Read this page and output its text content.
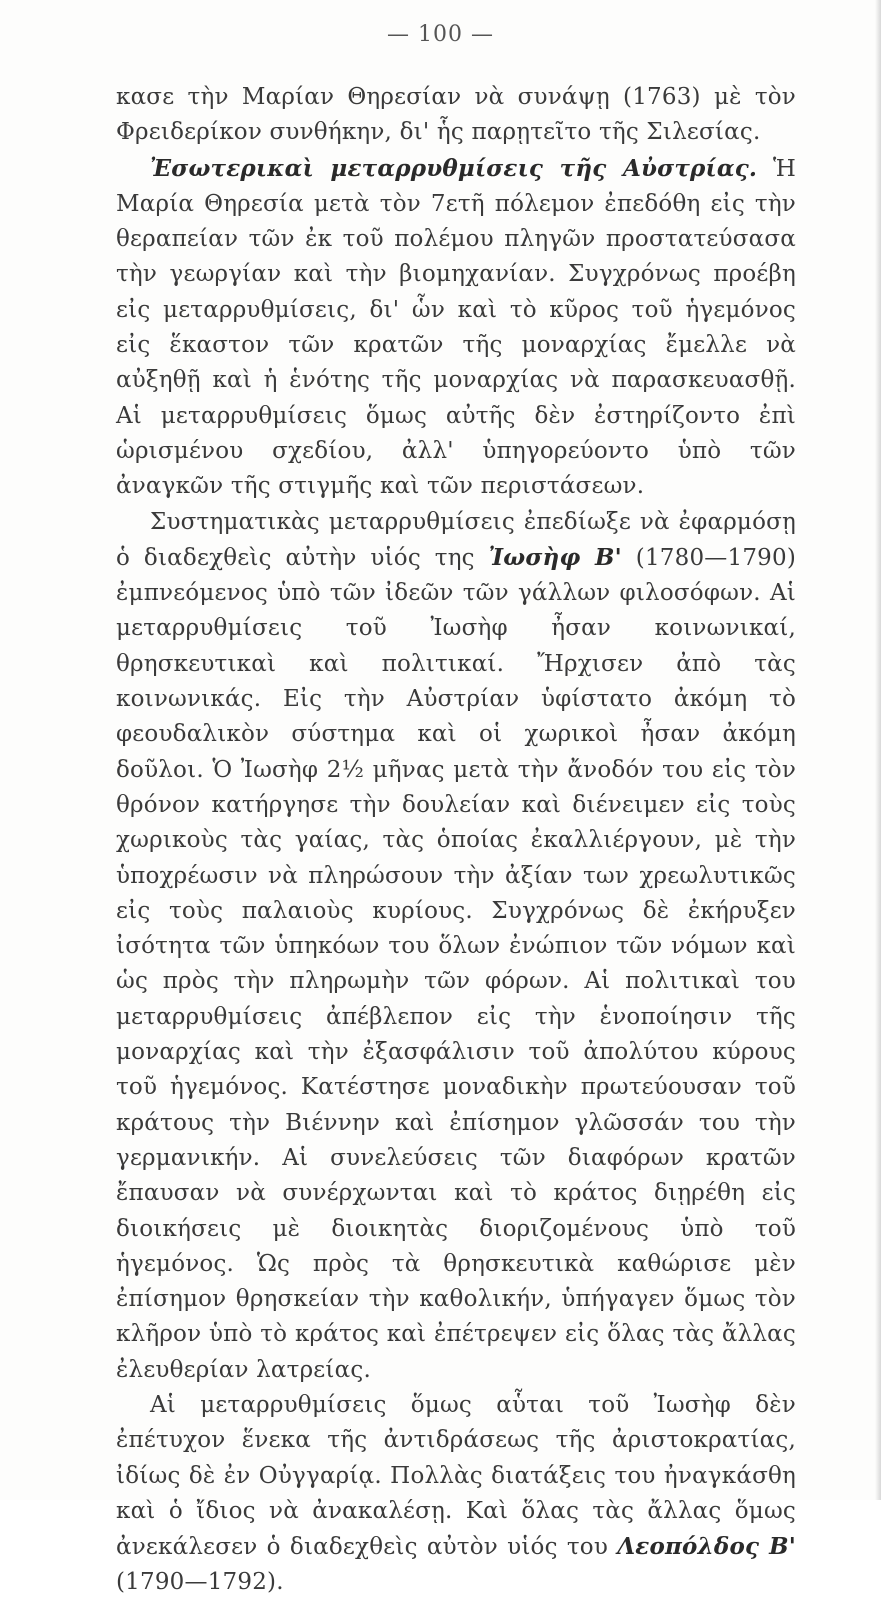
— 100 —

κασε τὴν Μαρίαν Θηρεσίαν νὰ συνάψῃ (1763) μὲ τὸν Φρειδερίκον συνθήκην, δι' ἧς παρῃτεῖτο τῆς Σιλεσίας.

Ἐσωτερικαὶ μεταρρυθμίσεις τῆς Αὐστρίας. Ἡ Μαρία Θηρεσία μετὰ τὸν 7ετῆ πόλεμον ἐπεδόθη εἰς τὴν θεραπείαν τῶν ἐκ τοῦ πολέμου πληγῶν προστατεύσασα τὴν γεωργίαν καὶ τὴν βιομηχανίαν. Συγχρόνως προέβη εἰς μεταρρυθμίσεις, δι' ὧν καὶ τὸ κῦρος τοῦ ἡγεμόνος εἰς ἕκαστον τῶν κρατῶν τῆς μοναρχίας ἔμελλε νὰ αὐξηθῇ καὶ ἡ ἑνότης τῆς μοναρχίας νὰ παρασκευασθῇ. Αἱ μεταρρυθμίσεις ὅμως αὐτῆς δὲν ἐστηρίζοντο ἐπὶ ὡρισμένου σχεδίου, ἀλλ' ὑπηγορεύοντο ὑπὸ τῶν ἀναγκῶν τῆς στιγμῆς καὶ τῶν περιστάσεων.

Συστηματικὰς μεταρρυθμίσεις ἐπεδίωξε νὰ ἐφαρμόσῃ ὁ διαδεχθεὶς αὐτὴν υἱός της Ἰωσὴφ Β' (1780—1790) ἐμπνεόμενος ὑπὸ τῶν ἰδεῶν τῶν γάλλων φιλοσόφων. Αἱ μεταρρυθμίσεις τοῦ Ἰωσὴφ ἦσαν κοινωνικαί, θρησκευτικαὶ καὶ πολιτικαί. Ἤρχισεν ἀπὸ τὰς κοινωνικάς. Εἰς τὴν Αὐστρίαν ὑφίστατο ἀκόμη τὸ φεουδαλικὸν σύστημα καὶ οἱ χωρικοὶ ἦσαν ἀκόμη δοῦλοι. Ὁ Ἰωσὴφ 2½ μῆνας μετὰ τὴν ἄνοδόν του εἰς τὸν θρόνον κατήργησε τὴν δουλείαν καὶ διένειμεν εἰς τοὺς χωρικοὺς τὰς γαίας, τὰς ὁποίας ἐκαλλιέργουν, μὲ τὴν ὑποχρέωσιν νὰ πληρώσουν τὴν ἀξίαν των χρεωλυτικῶς εἰς τοὺς παλαιοὺς κυρίους. Συγχρόνως δὲ ἐκήρυξεν ἰσότητα τῶν ὑπηκόων του ὅλων ἐνώπιον τῶν νόμων καὶ ὡς πρὸς τὴν πληρωμὴν τῶν φόρων. Αἱ πολιτικαὶ του μεταρρυθμίσεις ἀπέβλεπον εἰς τὴν ἑνοποίησιν τῆς μοναρχίας καὶ τὴν ἐξασφάλισιν τοῦ ἀπολύτου κύρους τοῦ ἡγεμόνος. Κατέστησε μοναδικὴν πρωτεύουσαν τοῦ κράτους τὴν Βιέννην καὶ ἐπίσημον γλῶσσάν του τὴν γερμανικήν. Αἱ συνελεύσεις τῶν διαφόρων κρατῶν ἔπαυσαν νὰ συνέρχωνται καὶ τὸ κράτος διῃρέθη εἰς διοικήσεις μὲ διοικητὰς διοριζομένους ὑπὸ τοῦ ἡγεμόνος. Ὡς πρὸς τὰ θρησκευτικὰ καθώρισε μὲν ἐπίσημον θρησκείαν τὴν καθολικήν, ὑπήγαγεν ὅμως τὸν κλῆρον ὑπὸ τὸ κράτος καὶ ἐπέτρεψεν εἰς ὅλας τὰς ἄλλας ἐλευθερίαν λατρείας.

Αἱ μεταρρυθμίσεις ὅμως αὗται τοῦ Ἰωσὴφ δὲν ἐπέτυχον ἕνεκα τῆς ἀντιδράσεως τῆς ἀριστοκρατίας, ἰδίως δὲ ἐν Οὐγγαρίᾳ. Πολλὰς διατάξεις του ἠναγκάσθη καὶ ὁ ἴδιος νὰ ἀνακαλέσῃ. Καὶ ὅλας τὰς ἄλλας ὅμως ἀνεκάλεσεν ὁ διαδεχθεὶς αὐτὸν υἱός του Λεοπόλδος Β' (1790—1792).
